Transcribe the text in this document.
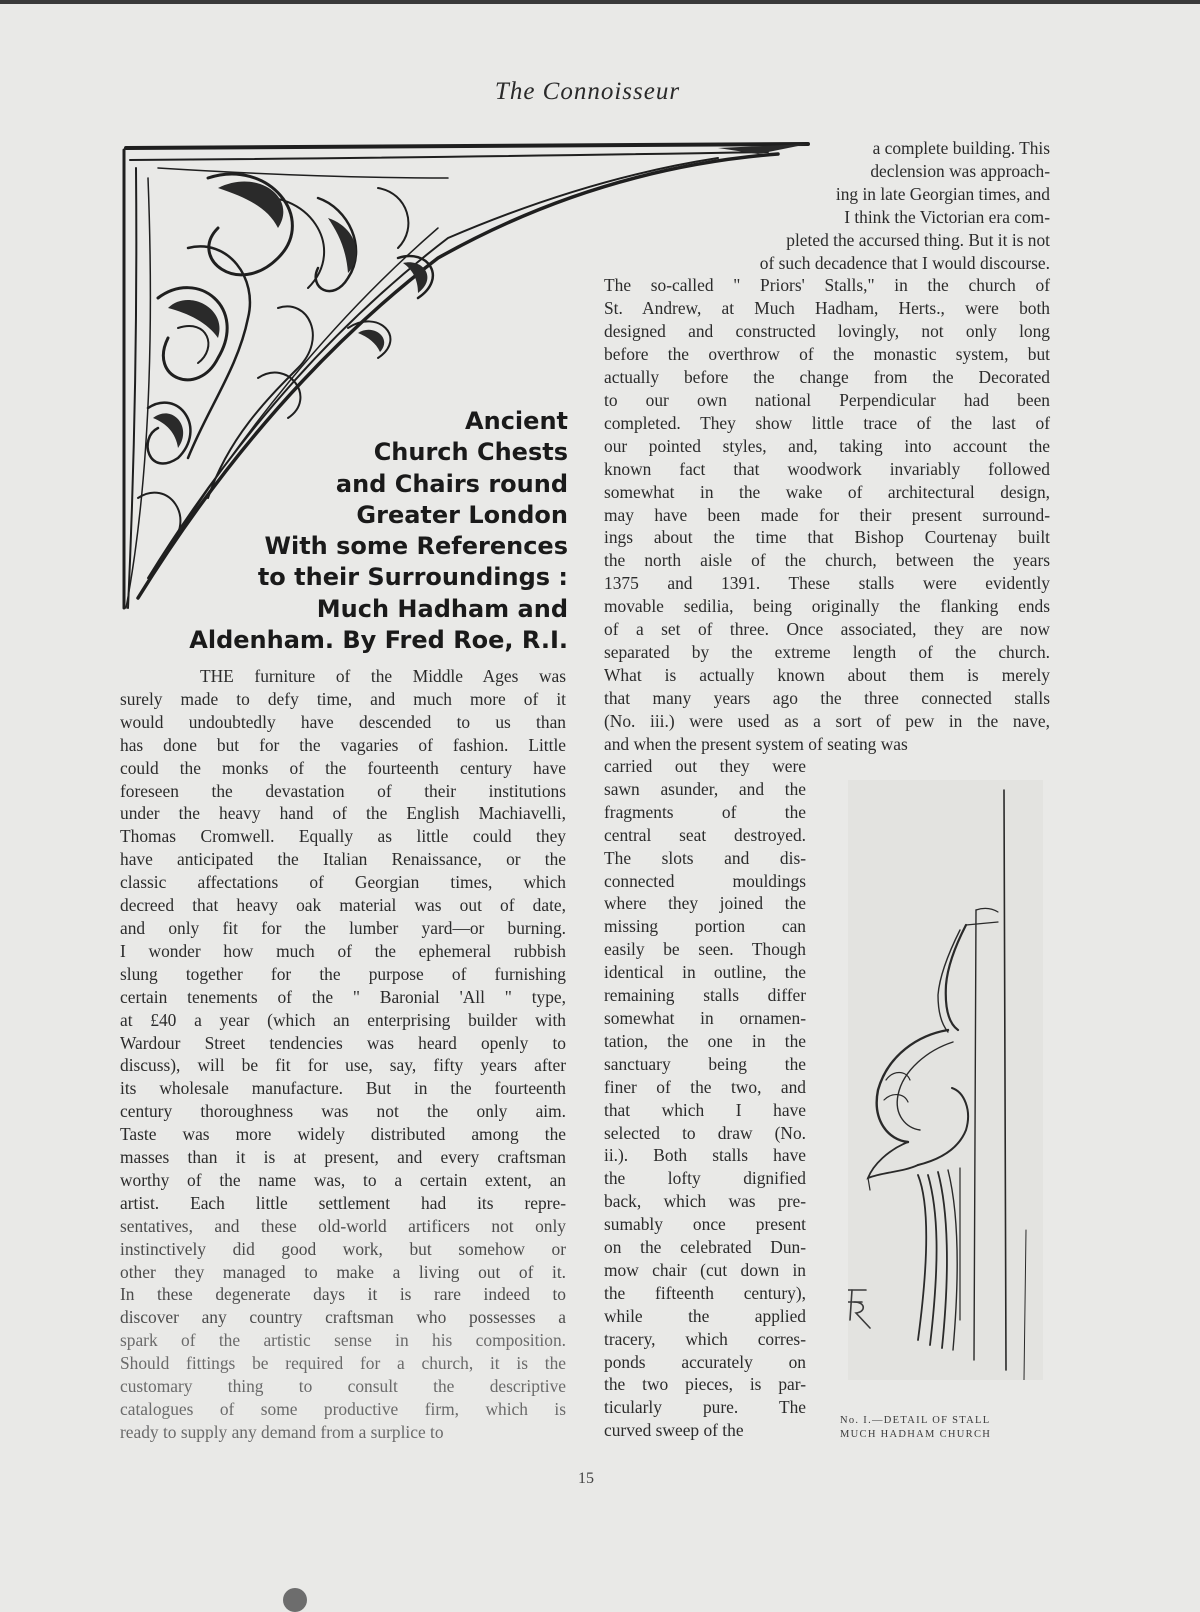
The Connoisseur
Ancient
Church Chests
and Chairs round
Greater London
With some References
to their Surroundings :
Much Hadham and
Aldenham. By Fred Roe, R.I.
THE furniture of the Middle Ages was
surely made to defy time, and much more of it
would undoubtedly have descended to us than
has done but for the vagaries of fashion. Little
could the monks of the fourteenth century have
foreseen the devastation of their institutions
under the heavy hand of the English Machiavelli,
Thomas Cromwell. Equally as little could they
have anticipated the Italian Renaissance, or the
classic affectations of Georgian times, which
decreed that heavy oak material was out of date,
and only fit for the lumber yard—or burning.
I wonder how much of the ephemeral rubbish
slung together for the purpose of furnishing
certain tenements of the " Baronial 'All " type,
at £40 a year (which an enterprising builder with
Wardour Street tendencies was heard openly to
discuss), will be fit for use, say, fifty years after
its wholesale manufacture. But in the fourteenth
century thoroughness was not the only aim.
Taste was more widely distributed among the
masses than it is at present, and every craftsman
worthy of the name was, to a certain extent, an
artist. Each little settlement had its repre-
sentatives, and these old-world artificers not only
instinctively did good work, but somehow or
other they managed to make a living out of it.
In these degenerate days it is rare indeed to
discover any country craftsman who possesses a
spark of the artistic sense in his composition.
Should fittings be required for a church, it is the
customary thing to consult the descriptive
catalogues of some productive firm, which is
ready to supply any demand from a surplice to
a complete building. This
declension was approach-
ing in late Georgian times, and
I think the Victorian era com-
pleted the accursed thing. But it is not
of such decadence that I would discourse.
The so-called " Priors' Stalls," in the church of
St. Andrew, at Much Hadham, Herts., were both
designed and constructed lovingly, not only long
before the overthrow of the monastic system, but
actually before the change from the Decorated
to our own national Perpendicular had been
completed. They show little trace of the last of
our pointed styles, and, taking into account the
known fact that woodwork invariably followed
somewhat in the wake of architectural design,
may have been made for their present surround-
ings about the time that Bishop Courtenay built
the north aisle of the church, between the years
1375 and 1391. These stalls were evidently
movable sedilia, being originally the flanking ends
of a set of three. Once associated, they are now
separated by the extreme length of the church.
What is actually known about them is merely
that many years ago the three connected stalls
(No. iii.) were used as a sort of pew in the nave,
and when the present system of seating was
carried out they were
sawn asunder, and the
fragments of the
central seat destroyed.
The slots and dis-
connected mouldings
where they joined the
missing portion can
easily be seen. Though
identical in outline, the
remaining stalls differ
somewhat in ornamen-
tation, the one in the
sanctuary being the
finer of the two, and
that which I have
selected to draw (No.
ii.). Both stalls have
the lofty dignified
back, which was pre-
sumably once present
on the celebrated Dun-
mow chair (cut down in
the fifteenth century),
while the applied
tracery, which corres-
ponds accurately on
the two pieces, is par-
ticularly pure. The
curved sweep of the	No. I.—DETAIL OF STALL
MUCH HADHAM CHURCH
15
